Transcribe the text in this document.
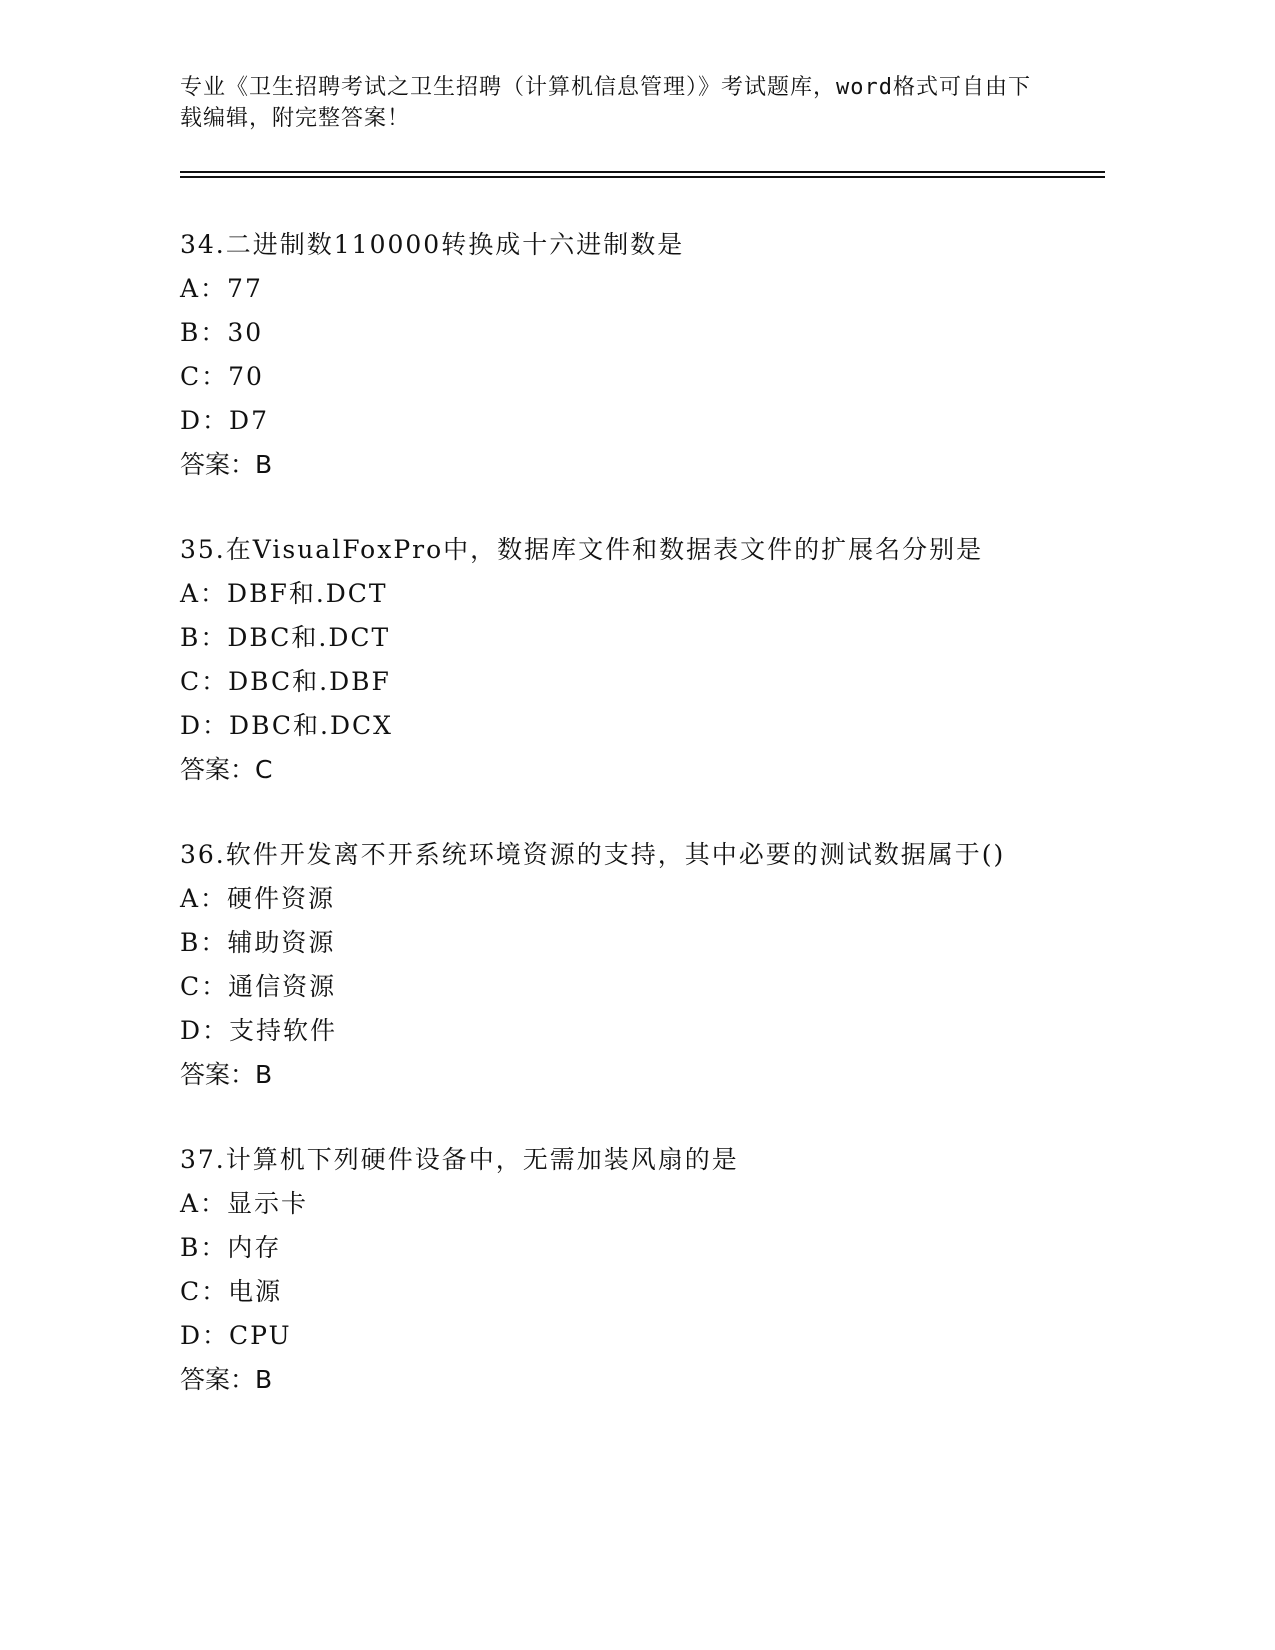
专业《卫生招聘考试之卫生招聘（计算机信息管理）》考试题库，word格式可自由下载编辑，附完整答案！
34.二进制数110000转换成十六进制数是
A：77
B：30
C：70
D：D7
答案：B
35.在VisualFoxPro中，数据库文件和数据表文件的扩展名分别是
A：DBF和.DCT
B：DBC和.DCT
C：DBC和.DBF
D：DBC和.DCX
答案：C
36.软件开发离不开系统环境资源的支持，其中必要的测试数据属于()
A：硬件资源
B：辅助资源
C：通信资源
D：支持软件
答案：B
37.计算机下列硬件设备中，无需加装风扇的是
A：显示卡
B：内存
C：电源
D：CPU
答案：B
